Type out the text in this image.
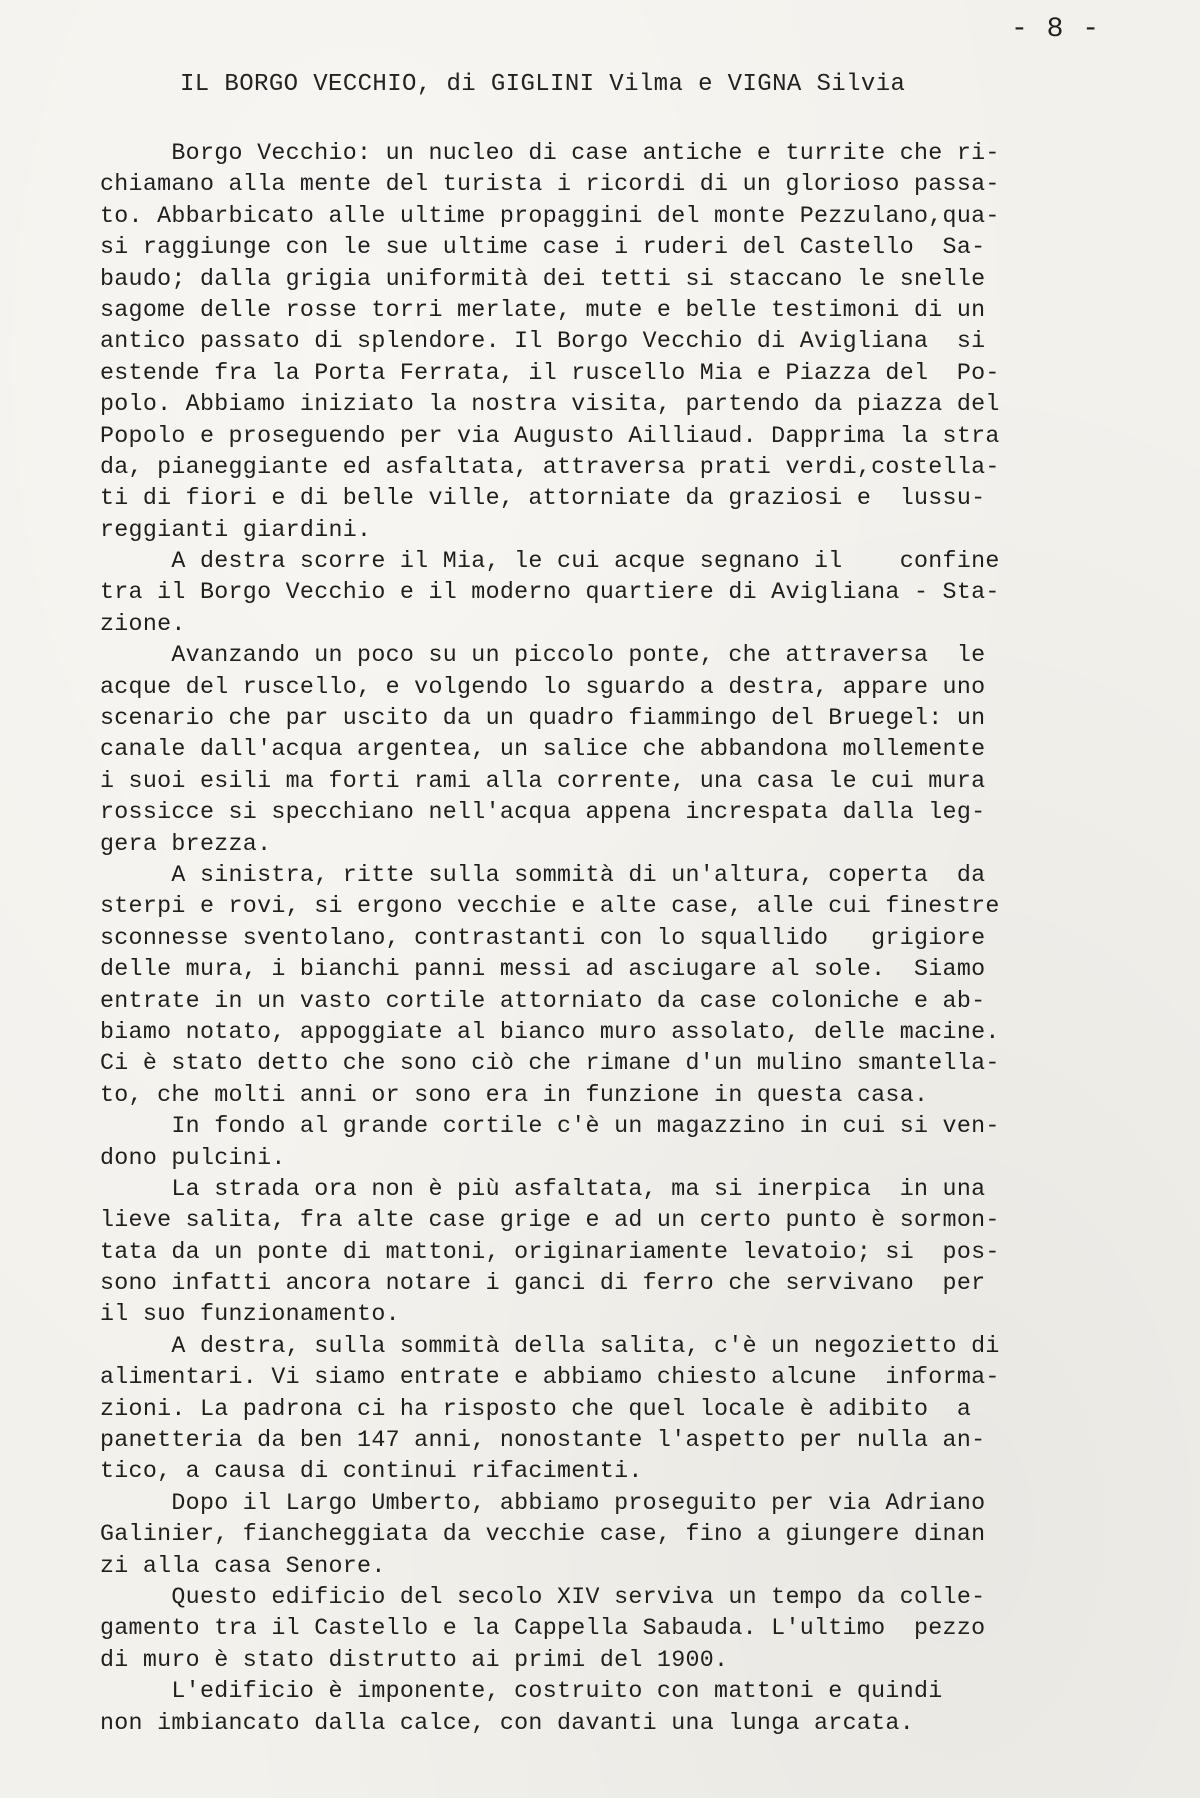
- 8 -
IL BORGO VECCHIO, di GIGLINI Vilma e VIGNA Silvia
Borgo Vecchio: un nucleo di case antiche e turrite che ri-
chiamano alla mente del turista i ricordi di un glorioso passa-
to. Abbarbicato alle ultime propaggini del monte Pezzulano,qua-
si raggiunge con le sue ultime case i ruderi del Castello  Sa-
baudo; dalla grigia uniformità dei tetti si staccano le snelle
sagome delle rosse torri merlate, mute e belle testimoni di un
antico passato di splendore. Il Borgo Vecchio di Avigliana  si
estende fra la Porta Ferrata, il ruscello Mia e Piazza del  Po-
polo. Abbiamo iniziato la nostra visita, partendo da piazza del
Popolo e proseguendo per via Augusto Ailliaud. Dapprima la stra
da, pianeggiante ed asfaltata, attraversa prati verdi,costella-
ti di fiori e di belle ville, attorniate da graziosi e  lussu-
reggianti giardini.
A destra scorre il Mia, le cui acque segnano il    confine
tra il Borgo Vecchio e il moderno quartiere di Avigliana - Sta-
zione.
Avanzando un poco su un piccolo ponte, che attraversa  le
acque del ruscello, e volgendo lo sguardo a destra, appare uno
scenario che par uscito da un quadro fiammingo del Bruegel: un
canale dall'acqua argentea, un salice che abbandona mollemente
i suoi esili ma forti rami alla corrente, una casa le cui mura
rossicce si specchiano nell'acqua appena increspata dalla leg-
gera brezza.
A sinistra, ritte sulla sommità di un'altura, coperta  da
sterpi e rovi, si ergono vecchie e alte case, alle cui finestre
sconnesse sventolano, contrastanti con lo squallido   grigiore
delle mura, i bianchi panni messi ad asciugare al sole.  Siamo
entrate in un vasto cortile attorniato da case coloniche e ab-
biamo notato, appoggiate al bianco muro assolato, delle macine.
Ci è stato detto che sono ciò che rimane d'un mulino smantella-
to, che molti anni or sono era in funzione in questa casa.
In fondo al grande cortile c'è un magazzino in cui si ven-
dono pulcini.
La strada ora non è più asfaltata, ma si inerpica  in una
lieve salita, fra alte case grige e ad un certo punto è sormon-
tata da un ponte di mattoni, originariamente levatoio; si  pos-
sono infatti ancora notare i ganci di ferro che servivano  per
il suo funzionamento.
A destra, sulla sommità della salita, c'è un negozietto di
alimentari. Vi siamo entrate e abbiamo chiesto alcune  informa-
zioni. La padrona ci ha risposto che quel locale è adibito  a
panetteria da ben 147 anni, nonostante l'aspetto per nulla an-
tico, a causa di continui rifacimenti.
Dopo il Largo Umberto, abbiamo proseguito per via Adriano
Galinier, fiancheggiata da vecchie case, fino a giungere dinan
zi alla casa Senore.
Questo edificio del secolo XIV serviva un tempo da colle-
gamento tra il Castello e la Cappella Sabauda. L'ultimo  pezzo
di muro è stato distrutto ai primi del 1900.
L'edificio è imponente, costruito con mattoni e quindi
non imbiancato dalla calce, con davanti una lunga arcata.
